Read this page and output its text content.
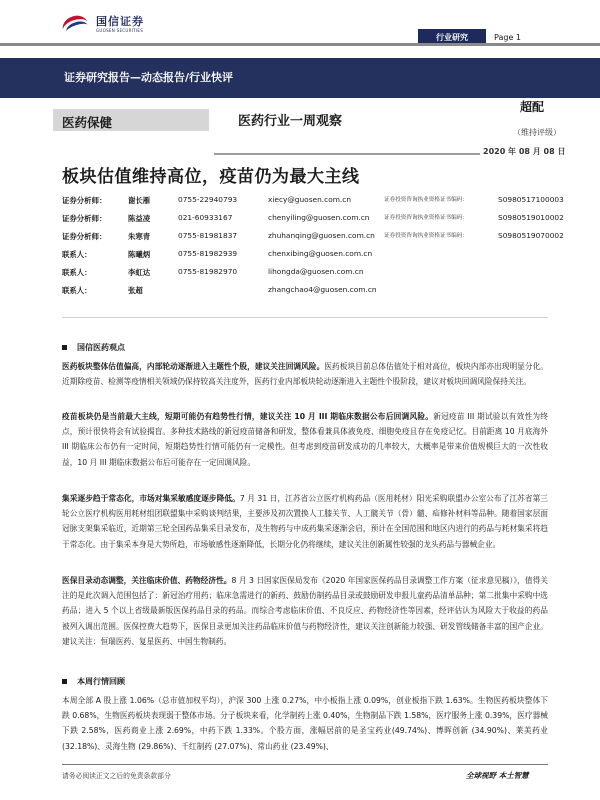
国信证券
GUOSEN SECURITIES
行业研究	Page 1
证券研究报告—动态报告/行业快评
医药保健	医药行业一周观察
超配
（维持评级）
2020 年 08 月 08 日
板块估值维持高位，疫苗仍为最大主线
证券分析师：	谢长雁	0755-22940793	xiecy@guosen.com.cn	证券投资咨询执业资格证书编码：	S0980517100003
证券分析师：	陈益凌	021-60933167	chenyiling@guosen.com.cn	证券投资咨询执业资格证书编码：	S0980519010002
证券分析师：	朱寒青	0755-81981837	zhuhanqing@guosen.com.cn 证券投资咨询执业资格证书编码：	S0980519070002
联系人：	陈曦炳	0755-81982939	chenxibing@guosen.com.cn
联系人：	李虹达	0755-81982970	lihongda@guosen.com.cn
联系人：	张超	zhangchao4@guosen.com.cn
国信医药观点
医药板块整体估值偏高，内部轮动逐渐进入主题性个股，建议关注回调风险。医药板块目前总体估值处于相对高位，板块内部亦出现明显分化。近期除疫苗、检测等疫情相关领域仍保持较高关注度外，医药行业内部板块轮动逐渐进入主题性个股阶段，建议对板块回调风险保持关注。
疫苗板块仍是当前最大主线，短期可能仍有趋势性行情，建议关注 10 月 III 期临床数据公布后回调风险。新冠疫苗 III 期试验以有效性为终点，预计很快将会有试验揭盲。多种技术路线的新冠疫苗储备和研发，整体看兼具体液免疫、细胞免疫且存在免疫记忆。目前距离 10 月底海外 III 期临床公布仍有一定时间，短期趋势性行情可能仍有一定模性。但考虑到疫苗研发成功的几率较大，大概率是带来价值规模巨大的一次性收益，10 月 III 期临床数据公布后可能存在一定回调风险。
集采逐步趋于常态化，市场对集采敏感度逐步降低。7 月 31 日，江苏省公立医疗机构药品（医用耗材）阳光采购联盟办公室公布了江苏省第三轮公立医疗机构医用耗材组团联盟集中采购谈判结果，主要涉及初次置换人工膝关节、人工髋关节（骨）髓、疝修补材料等品种。随着国家层面冠脉支架集采临近，近期第三轮全国药品集采目录发布，及生物药与中成药集采逐渐会启，预计在全国范围和地区内进行的药品与耗材集采将趋于常态化。由于集采本身是大势所趋，市场敏感性逐渐降低，长期分化仍将继续，建议关注创新属性较强的龙头药品与器械企业。
医保目录动态调整，关注临床价值、药物经济性。8 月 3 日国家医保局发布《2020 年国家医保药品目录调整工作方案（征求意见稿）》，值得关注的是此次调入范围包括了：新冠治疗用药；临床急需进行的新药、鼓励仿制药品目录或鼓励研发申报儿童药品清单品种；第二批集中采购中选药品；进入 5 个以上省级最新版医保药品目录的药品。而综合考虑临床价值、不良反应、药物经济性等因素，经评估认为风险大于收益的药品被列入调出范围。医保控费大趋势下，医保目录更加关注药品临床价值与药物经济性，建议关注创新能力较强、研发管线储备丰富的国产企业。建议关注：恒瑞医药、复星医药、中国生物制药。
本周行情回顾
本周全部 A 股上涨 1.06%（总市值加权平均），沪深 300 上涨 0.27%，中小板指上涨 0.09%，创业板指下跌 1.63%。生物医药板块整体下跌 0.68%，生物医药板块表现弱于整体市场。分子板块来看，化学制药上涨 0.40%，生物制品下跌 1.58%，医疗服务上涨 0.39%，医疗器械下跌 2.58%，医药商业上涨 2.69%，中药下跌 1.33%。个股方面，涨幅居前的是圣宝药业(49.74%)、博晖创新 (34.90%)、莱美药业 (32.18%)、灵海生物 (29.86%)、千红制药 (27.07%)、常山药业 (23.49%)、
请务必阅读正文之后的免责条款部分	全球视野 本土智慧
